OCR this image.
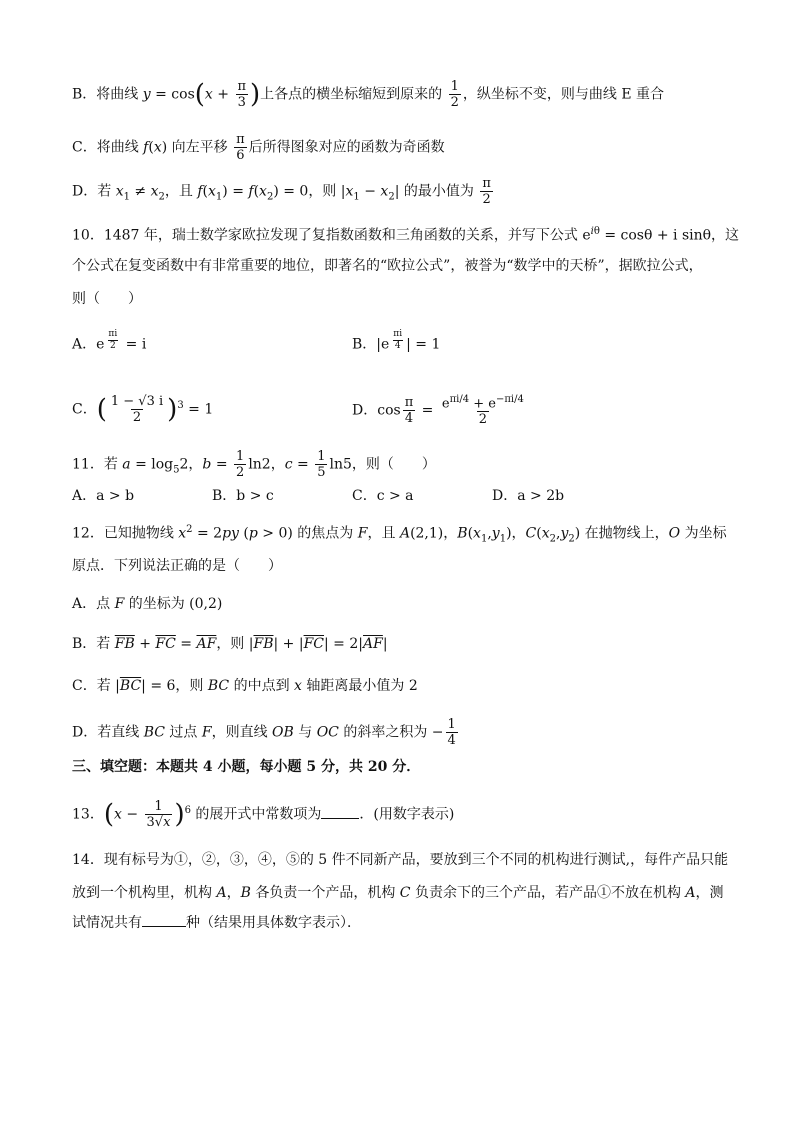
B．将曲线 $y = \cos(x + \frac{\pi}{3}$ )上各点的横坐标缩短到原来的 $\frac{1}{2}$ ，纵坐标不变，则与曲线 E 重合
C．将曲线 f(x) 向左平移 $\frac{\pi}{6}$ 后所得图象对应的函数为奇函数
D．若 $x_1 \ne x_2$，且 $f(x_1) = f(x_2) = 0$，则 $|x_1 - x_2|$ 的最小值为 $\frac{\pi}{2}$
10．1487 年，瑞士数学家欧拉发现了复指数函数和三角函数的关系，并写下公式 $e^{i\theta} = \cos\theta + i$ sinθ，这
个公式在复变函数中有非常重要的地位，即著名的“欧拉公式”，被誉为“数学中的天桥”，据欧拉公式，
则（　　）
A．e $^{\frac{\pi i}{2}}$ = i	B．|e $^{\frac{\pi i}{4}}$ | = 1
C．( $\frac{1 - √3 i}{2} )^3 = 1$	D．$\cos \frac{\pi}{4} = \frac{e^{\pi i/4} + e^{-\pi i/4}}{2}$
11．若 $a = \log_52$，$b = \frac{1}{2} \ln 2$，$c = \frac{1}{5} \ln 5$，则（　　）
A．a > b	B．b > c	C．c > a	D．a > 2b
12．已知抛物线 $x^2 = 2py$ (p > 0) 的焦点为 F，且 A(2,1)，$B(x_1,y_1)$，$C(x_2,y_2)$ 在抛物线上，O 为坐标
原点．下列说法正确的是（　　）
A．点 F 的坐标为 (0,2)
B．若 $\overline{FB} + \overline{FC} = \overline{AF}$，则 $|\overline{FB}| + |\overline{FC}| = 2|\overline{AF}|$
C．若 $|\overline{BC}| = 6$，则 BC 的中点到 x 轴距离最小值为 2
D．若直线 BC 过点 F，则直线 OB 与 OC 的斜率之积为 − $\frac{1}{4}$
三、填空题：本题共 4 小题，每小题 5 分，共 20 分．
13．$(x - \frac{1}{3√x} )^6$ 的展开式中常数项为	．(用数字表示)
14．现有标号为①，②，③，④，⑤的 5 件不同新产品，要放到三个不同的机构进行测试,，每件产品只能
放到一个机构里，机构 A，B 各负责一个产品，机构 C 负责余下的三个产品，若产品①不放在机构 A，测
试情况共有	种（结果用具体数字表示）．
